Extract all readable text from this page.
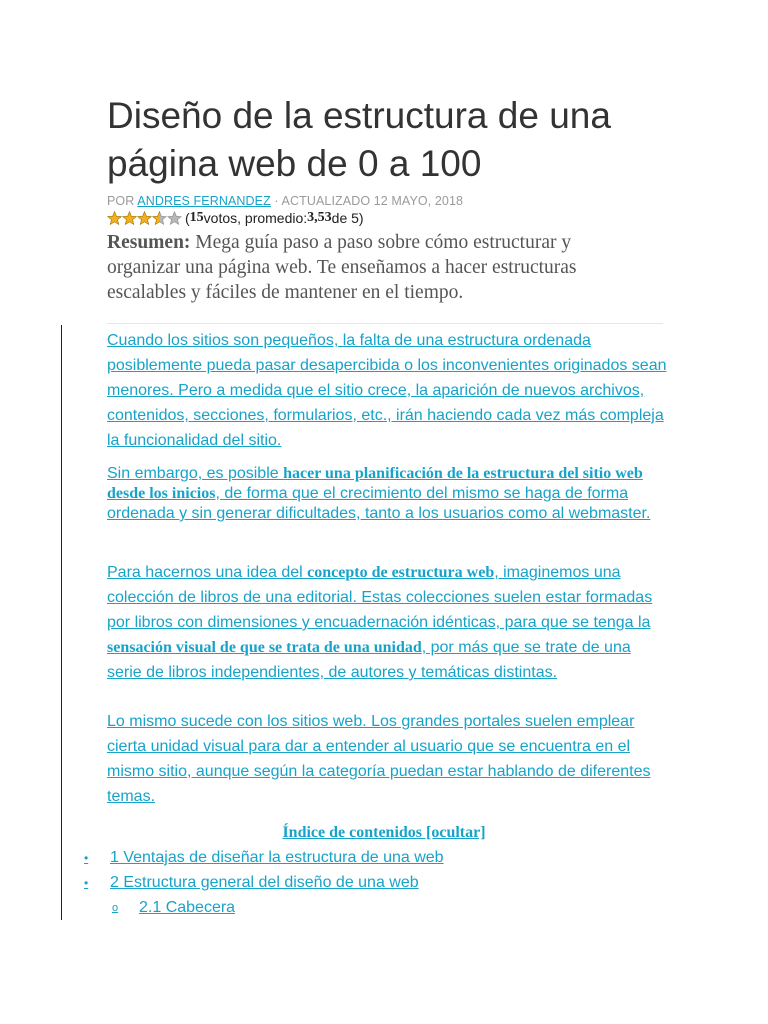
Diseño de la estructura de una página web de 0 a 100
POR ANDRES FERNANDEZ · ACTUALIZADO 12 MAYO, 2018
( 15 votos, promedio: 3,53 de 5)
Resumen: Mega guía paso a paso sobre cómo estructurar y organizar una página web. Te enseñamos a hacer estructuras escalables y fáciles de mantener en el tiempo.
Cuando los sitios son pequeños, la falta de una estructura ordenada posiblemente pueda pasar desapercibida o los inconvenientes originados sean menores. Pero a medida que el sitio crece, la aparición de nuevos archivos, contenidos, secciones, formularios, etc., irán haciendo cada vez más compleja la funcionalidad del sitio.
Sin embargo, es posible hacer una planificación de la estructura del sitio web desde los inicios, de forma que el crecimiento del mismo se haga de forma ordenada y sin generar dificultades, tanto a los usuarios como al webmaster.
Para hacernos una idea del concepto de estructura web, imaginemos una colección de libros de una editorial. Estas colecciones suelen estar formadas por libros con dimensiones y encuadernación idénticas, para que se tenga la sensación visual de que se trata de una unidad, por más que se trate de una serie de libros independientes, de autores y temáticas distintas.
Lo mismo sucede con los sitios web. Los grandes portales suelen emplear cierta unidad visual para dar a entender al usuario que se encuentra en el mismo sitio, aunque según la categoría puedan estar hablando de diferentes temas.
Índice de contenidos [ocultar]
•	1 Ventajas de diseñar la estructura de una web
•	2 Estructura general del diseño de una web
o	2.1 Cabecera
